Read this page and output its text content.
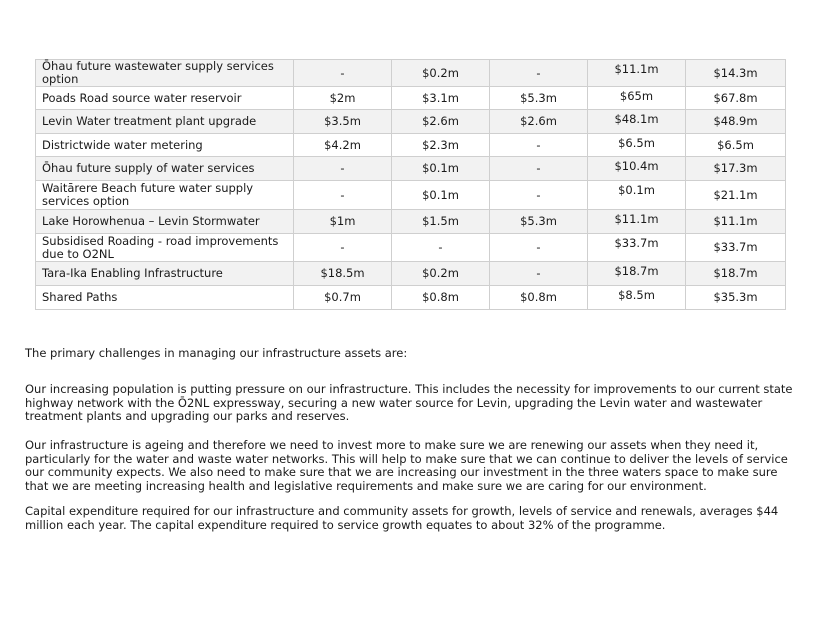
Ōhau future wastewater supply services option	-	$0.2m	-	$11.1m	$14.3m
Poads Road source water reservoir	$2m	$3.1m	$5.3m	$65m	$67.8m
Levin Water treatment plant upgrade	$3.5m	$2.6m	$2.6m	$48.1m	$48.9m
Districtwide water metering	$4.2m	$2.3m	-	$6.5m	$6.5m
Ōhau future supply of water services	-	$0.1m	-	$10.4m	$17.3m
Waitārere Beach future water supply services option	-	$0.1m	-	$0.1m	$21.1m
Lake Horowhenua – Levin Stormwater	$1m	$1.5m	$5.3m	$11.1m	$11.1m
Subsidised Roading - road improvements due to O2NL	-	-	-	$33.7m	$33.7m
Tara-Ika Enabling Infrastructure	$18.5m	$0.2m	-	$18.7m	$18.7m
Shared Paths	$0.7m	$0.8m	$0.8m	$8.5m	$35.3m

The primary challenges in managing our infrastructure assets are:

Our increasing population is putting pressure on our infrastructure. This includes the necessity for improvements to our current state highway network with the Ō2NL expressway, securing a new water source for Levin, upgrading the Levin water and wastewater treatment plants and upgrading our parks and reserves.

Our infrastructure is ageing and therefore we need to invest more to make sure we are renewing our assets when they need it, particularly for the water and waste water networks. This will help to make sure that we can continue to deliver the levels of service our community expects. We also need to make sure that we are increasing our investment in the three waters space to make sure that we are meeting increasing health and legislative requirements and make sure we are caring for our environment.

Capital expenditure required for our infrastructure and community assets for growth, levels of service and renewals, averages $44 million each year. The capital expenditure required to service growth equates to about 32% of the programme.
